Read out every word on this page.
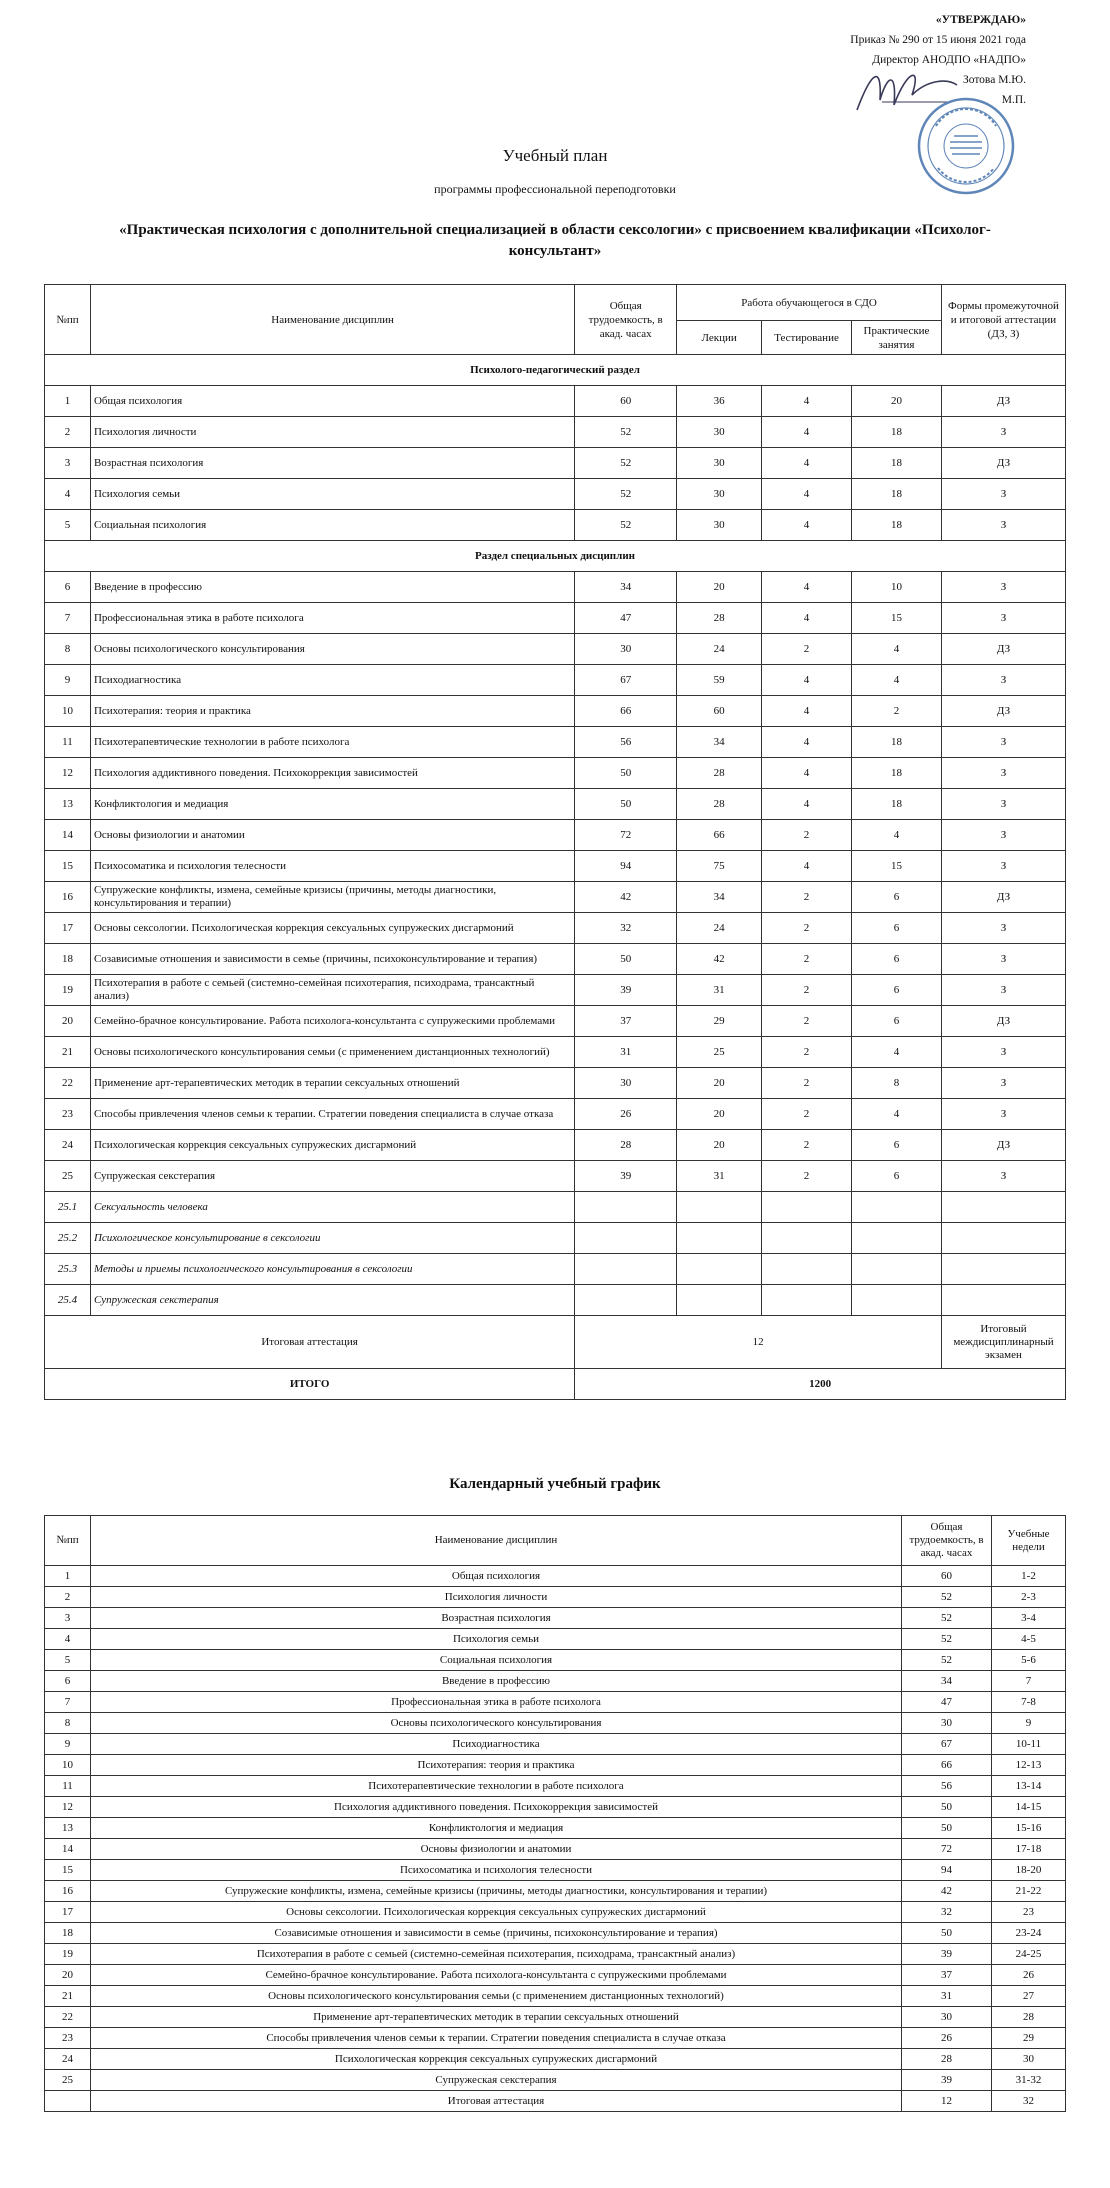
«УТВЕРЖДАЮ»
Приказ № 290 от 15 июня 2021 года
Директор АНОДПО «НАДПО»
Зотова М.Ю.
М.П.
Учебный план
программы профессиональной переподготовки
«Практическая психология с дополнительной специализацией в области сексологии» с присвоением квалификации «Психолог-консультант»
№пп	Наименование дисциплин	Общая трудоемкость, в акад. часах	Работа обучающегося в СДО			Формы промежуточной и итоговой аттестации (ДЗ, З)
			Лекции	Тестирование	Практические занятия	
Психолого-педагогический раздел						
1	Общая психология	60	36	4	20	ДЗ
2	Психология личности	52	30	4	18	З
3	Возрастная психология	52	30	4	18	ДЗ
4	Психология семьи	52	30	4	18	З
5	Социальная психология	52	30	4	18	З
Раздел специальных дисциплин						
6	Введение в профессию	34	20	4	10	З
7	Профессиональная этика в работе психолога	47	28	4	15	З
8	Основы психологического консультирования	30	24	2	4	ДЗ
9	Психодиагностика	67	59	4	4	З
10	Психотерапия: теория и практика	66	60	4	2	ДЗ
11	Психотерапевтические технологии в работе психолога	56	34	4	18	З
12	Психология аддиктивного поведения. Психокоррекция зависимостей	50	28	4	18	З
13	Конфликтология и медиация	50	28	4	18	З
14	Основы физиологии и анатомии	72	66	2	4	З
15	Психосоматика и психология телесности	94	75	4	15	З
16	Супружеские конфликты, измена, семейные кризисы (причины, методы диагностики, консультирования и терапии)	42	34	2	6	ДЗ
17	Основы сексологии. Психологическая коррекция сексуальных супружеских дисгармоний	32	24	2	6	З
18	Созависимые отношения и зависимости в семье (причины, психоконсультирование и терапия)	50	42	2	6	З
19	Психотерапия в работе с семьей (системно-семейная психотерапия, психодрама, трансактный анализ)	39	31	2	6	З
20	Семейно-брачное консультирование. Работа психолога-консультанта с супружескими проблемами	37	29	2	6	ДЗ
21	Основы психологического консультирования семьи (с применением дистанционных технологий)	31	25	2	4	З
22	Применение арт-терапевтических методик в терапии сексуальных отношений	30	20	2	8	З
23	Способы привлечения членов семьи к терапии. Стратегии поведения специалиста в случае отказа	26	20	2	4	З
24	Психологическая коррекция сексуальных супружеских дисгармоний	28	20	2	6	ДЗ
25	Супружеская секстерапия	39	31	2	6	З
25.1	Сексуальность человека					
25.2	Психологическое консультирование в сексологии					
25.3	Методы и приемы психологического консультирования в сексологии					
25.4	Супружеская секстерапия					
Итоговая аттестация		12				Итоговый междисциплинарный экзамен
ИТОГО		1200				
Календарный учебный график
№пп	Наименование дисциплин	Общая трудоемкость, в акад. часах	Учебные недели
1	Общая психология	60	1-2
2	Психология личности	52	2-3
3	Возрастная психология	52	3-4
4	Психология семьи	52	4-5
5	Социальная психология	52	5-6
6	Введение в профессию	34	7
7	Профессиональная этика в работе психолога	47	7-8
8	Основы психологического консультирования	30	9
9	Психодиагностика	67	10-11
10	Психотерапия: теория и практика	66	12-13
11	Психотерапевтические технологии в работе психолога	56	13-14
12	Психология аддиктивного поведения. Психокоррекция зависимостей	50	14-15
13	Конфликтология и медиация	50	15-16
14	Основы физиологии и анатомии	72	17-18
15	Психосоматика и психология телесности	94	18-20
16	Супружеские конфликты, измена, семейные кризисы (причины, методы диагностики, консультирования и терапии)	42	21-22
17	Основы сексологии. Психологическая коррекция сексуальных супружеских дисгармоний	32	23
18	Созависимые отношения и зависимости в семье (причины, психоконсультирование и терапия)	50	23-24
19	Психотерапия в работе с семьей (системно-семейная психотерапия, психодрама, трансактный анализ)	39	24-25
20	Семейно-брачное консультирование. Работа психолога-консультанта с супружескими проблемами	37	26
21	Основы психологического консультирования семьи (с применением дистанционных технологий)	31	27
22	Применение арт-терапевтических методик в терапии сексуальных отношений	30	28
23	Способы привлечения членов семьи к терапии. Стратегии поведения специалиста в случае отказа	26	29
24	Психологическая коррекция сексуальных супружеских дисгармоний	28	30
25	Супружеская секстерапия	39	31-32
	Итоговая аттестация	12	32
